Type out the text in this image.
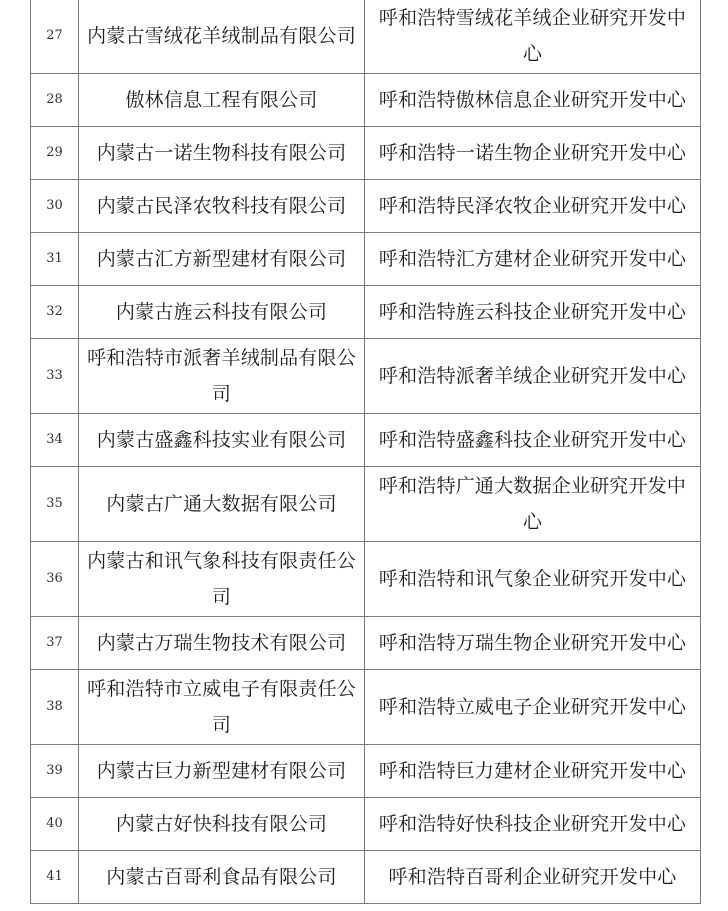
27	内蒙古雪绒花羊绒制品有限公司	呼和浩特雪绒花羊绒企业研究开发中心
28	傲林信息工程有限公司	呼和浩特傲林信息企业研究开发中心
29	内蒙古一诺生物科技有限公司	呼和浩特一诺生物企业研究开发中心
30	内蒙古民泽农牧科技有限公司	呼和浩特民泽农牧企业研究开发中心
31	内蒙古汇方新型建材有限公司	呼和浩特汇方建材企业研究开发中心
32	内蒙古旌云科技有限公司	呼和浩特旌云科技企业研究开发中心
33	呼和浩特市派奢羊绒制品有限公司	呼和浩特派奢羊绒企业研究开发中心
34	内蒙古盛鑫科技实业有限公司	呼和浩特盛鑫科技企业研究开发中心
35	内蒙古广通大数据有限公司	呼和浩特广通大数据企业研究开发中心
36	内蒙古和讯气象科技有限责任公司	呼和浩特和讯气象企业研究开发中心
37	内蒙古万瑞生物技术有限公司	呼和浩特万瑞生物企业研究开发中心
38	呼和浩特市立威电子有限责任公司	呼和浩特立威电子企业研究开发中心
39	内蒙古巨力新型建材有限公司	呼和浩特巨力建材企业研究开发中心
40	内蒙古好快科技有限公司	呼和浩特好快科技企业研究开发中心
41	内蒙古百哥利食品有限公司	呼和浩特百哥利企业研究开发中心
